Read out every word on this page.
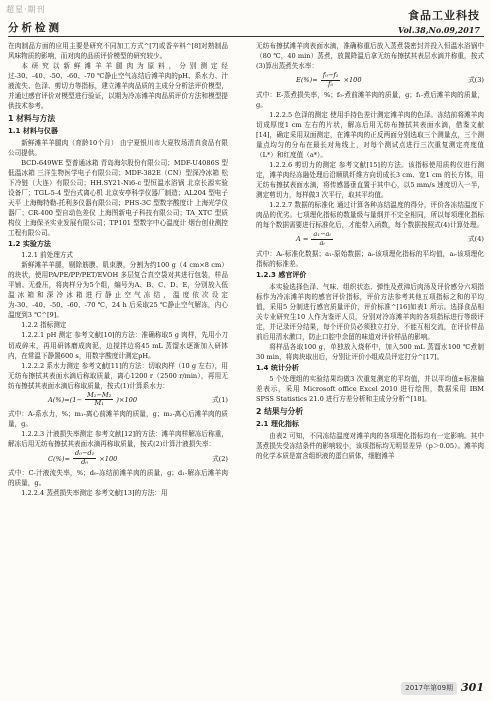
超星·期刊
分析检测
食品工业科技
Vol.38,No.09,2017

在肉制品方面的应用主要是研究不同加工方式^[7]或香辛料^[8]对熟制品风味物质的影响，而对肉的品质评价模型的研究较少。

本研究以新鲜滩羊羊腿肉为原料，分别测定经过-30、-40、-50、-60、-70 ℃静止空气冻结后滩羊肉的pH、系水力、汁液流失、色泽、剪切力等指标，建立滩羊肉品质的主成分分析法评价模型，并通过感官评价对模型进行验证，以期为冷冻滩羊肉品质评价方法和模型提供技术参考。

1 材料与方法
1.1 材料与仪器

新鲜滩羊羊腿肉（育龄10个月） 由宁夏银川市大夏牧场清真食品有限公司提供。

BCD-649WE 型普通冰箱 青岛海尔股份有限公司；MDF-U4086S 型低温冰箱 三洋生物医学电子有限公司；MDF-382E（CN）型深冷冰箱 松下冷链（大连）有限公司；HH.SY21-Ni6-c 型恒温水浴锅 北京长源实验设备厂；TGL-5-4 型台式离心机 北京安亭科学仪器厂制造；AL204 型电子天平 上海梅特勒-托利多仪器有限公司；PHS-3C 型数字酸度计 上海光学仪器厂；CR-400 型自动色差仪 上海图新电子科技有限公司；TA_XTC 型质构仪 上海保圣实业发展有限公司；TP101 型数字中心温度计 烟台创业测控工程有限公司。

1.2 实验方法

1.2.1 前处理方式

新鲜滩羊羊腿，剔除筋膜、肌束膜，分割为约100 g（4 cm×8 cm）的块状，使用PA/PE/PP/PET/EVOH 多层复合真空袋对其进行包装，样品平铺、无叠压，将肉样分为5个组，编号为A、B、C、D、E，分别放入低温冰箱和深冷冰箱进行静止空气冻结，温度依次设定为-30、-40、-50、-60、-70 ℃，24 h 后采取25 ℃静止空气解冻，内心温度到3 ℃^[9]。

1.2.2 指标测定

1.2.2.1 pH 测定 参考文献[10]的方法：准确称取5 g 肉样，先用小刀切成碎末，再用研钵磨成肉泥，边搅拌边将45 mL 蒸馏水逐渐加入研钵内，在常温下静置600 s，用数字酸度计测定pH。

1.2.2.2 系水力测定 参考文献[11]的方法：切取肉样（10 g 左右），用无纺布擦拭其表面水滴后称取质量，离心1200 r（2500 r/min），再用无纺布擦拭其表面水滴后称取质量，按式(1)计算系水力：

A(%)= ( $1- \frac{\text{M₁−M₂}}{\text{M₁}} )\times 100$	式(1)

式中：A-系水力，%；m₁-离心前滩羊肉的质量，g；m₂-离心后滩羊肉的质量，g。

1.2.2.3 汁液损失率测定 参考文献[12]的方法：滩羊肉样解冻后称重，解冻后用无纺布擦拭其表面水滴再称取质量，按式(2)计算汁液损失率：

$C(\%)= \frac{\text{d₀−d₁}}{\text{d₀}} \times 100$	式(2)

式中：C-汁液流失率，%；d₀-冻结前滩羊肉的质量，g；d₁-解冻后滩羊肉的质量，g。

1.2.2.4 蒸煮损失率测定 参考文献[13]的方法：用

无纺布擦拭滩羊肉表面水滴，准确称重后放入蒸煮袋密封并投入恒温水浴锅中（80 ℃，40 min）蒸煮，放置降温后拿无纺布擦拭其表层水滴并称重，按式(3)算出蒸煮失水率：

$E(\%)= \frac{\text{f₀−f₁}}{\text{f₀}} \times 100$	式(3)

式中：E-蒸煮损失率，%；f₀-煮前滩羊肉的质量，g；f₁-煮后滩羊肉的质量，g。

1.2.2.5 色泽的测定 使用手持色差计测定滩羊肉的色泽。冻结前将滩羊肉切成厚度1 cm 左右的片状，解冻后用无纺布擦拭其表面水滴，借鉴文献[14]，确定采用双面测定，在滩羊肉的正反两面分别选取三个测量点，三个测量点均匀的分布在最长对角线上，对每个测试点进行三次重复测定亮度值（L*）和红度值（a*）。

1.2.2.6 剪切力的测定 参考文献[15]的方法。该指标使用质构仪进行测定，滩羊肉经冻融处理后沿顺肌纤维方向切成长3 cm、宽1 cm 的长方体，用无纺布擦拭表面水滴，将传感器垂直置于其中心，以5 mm/s 速度切入一半，测定剪切力，每样做3 次平行，取其平均值。

1.2.2.7 数据的标准化 通过计算各种冻结温度的得分，评价各冻结温度下肉品的优劣。七项理化指标的数量级与量纲并不完全相同，所以每项理化指标的每个数据需要进行标准化后，才能带入函数，每个数据按照式(4)计算处理。

$A = \frac{\text{a₁−aᵢ}}{\text{aᵢ}}$	式(4)

式中：Aᵢ-标准化数据；a₁-原始数据；aᵢ-该项理化指标的平均值，aᵢ-该项理化指标的标准差。

1.2.3 感官评价

本实验选择色泽、气味、组织状态、弹性及煮沸后肉汤及评价感分六项指标作为冷冻滩羊肉的感官评价指标，评价方法参考其他五项指标之和的平均值，采用5 分制进行感官质量评价，评价标准^[16]如表1 所示。选择食品相关专业研究生10 人作为鉴评人员，分别对冷冻滩羊肉的各项指标进行等级评定，并记录评分结果，每个评价员必须独立打分，不能互相交流，在评价样品前后用清水漱口，防止口腔中余留的味道对评价样品的影响。

将样品各取100 g，单独放入烧杯中，加入500 mL 蒸馏水100 ℃煮制30 min，将肉块取出后，分别让评价小组成员评定打分^[17]。

1.4 统计分析

5 个处理组的实验结果均做3 次重复测定的平均值，并以平均值±标准偏差表示，采用 Microsoft office Excel 2010 进行绘图，数据采用 IBM SPSS Statistics 21.0 进行方差分析和主成分分析^[18]。

2 结果与分析
2.1 理化指标

由表2 可知，不同冻结温度对滩羊肉的各项理化指标均有一定影响。其中蒸煮损失受冻结条件的影响较小，该项指标均无明显差异（p＞0.05）。滩羊肉的化学本质是富含组织液的蛋白质体，细胞滩羊

2017年第09期 301
